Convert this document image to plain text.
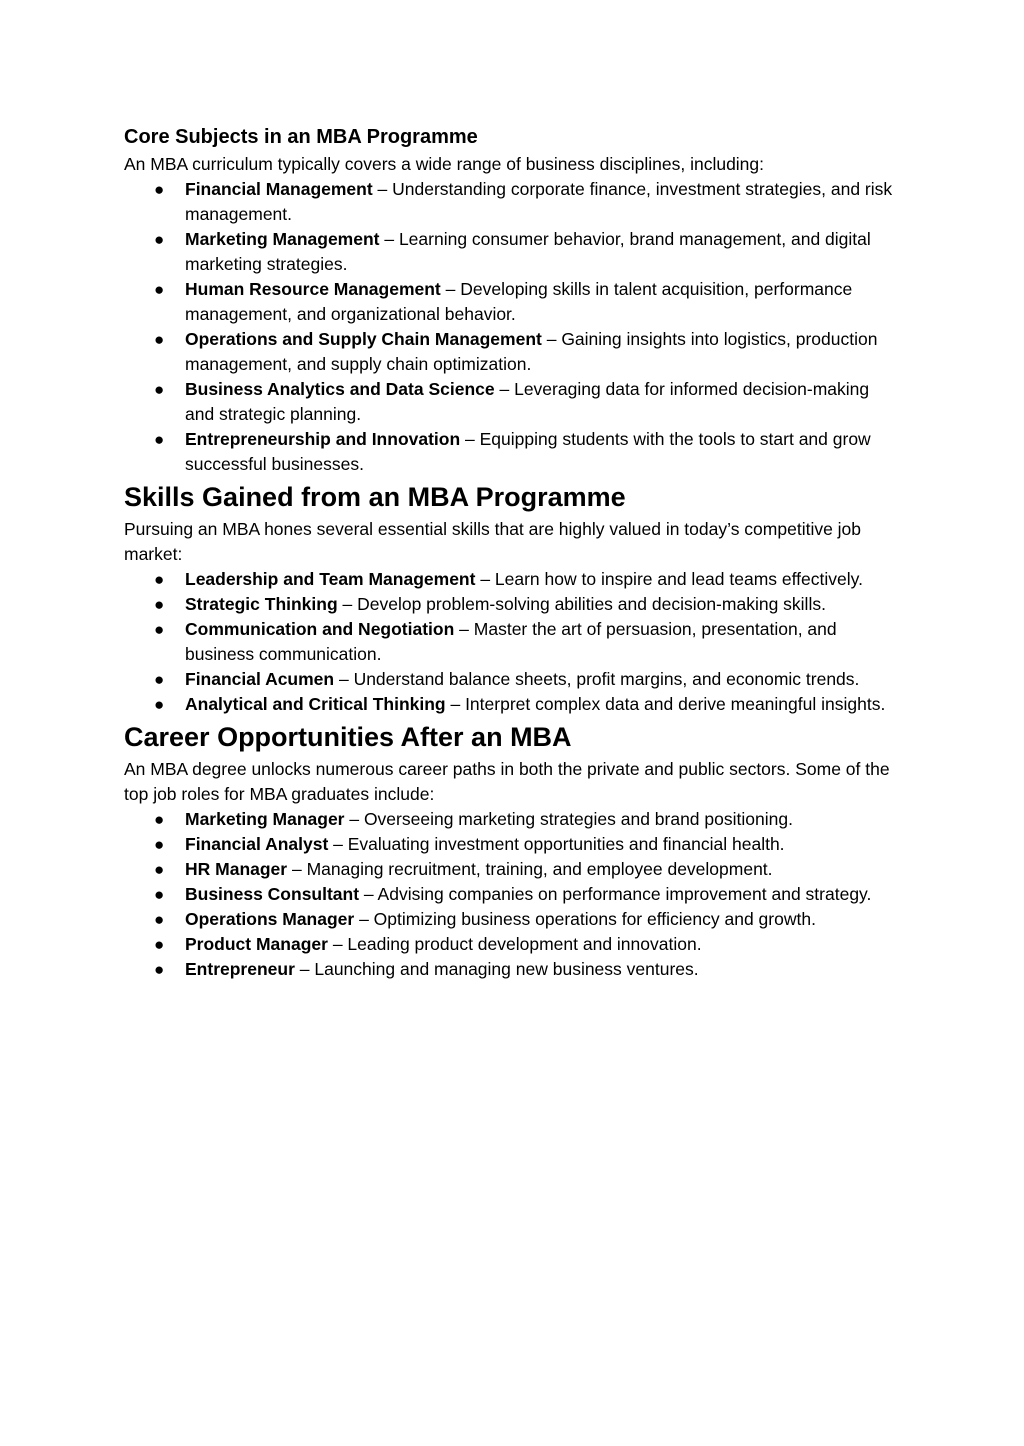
Core Subjects in an MBA Programme

An MBA curriculum typically covers a wide range of business disciplines, including:

● Financial Management – Understanding corporate finance, investment strategies, and risk management.
● Marketing Management – Learning consumer behavior, brand management, and digital marketing strategies.
● Human Resource Management – Developing skills in talent acquisition, performance management, and organizational behavior.
● Operations and Supply Chain Management – Gaining insights into logistics, production management, and supply chain optimization.
● Business Analytics and Data Science – Leveraging data for informed decision-making and strategic planning.
● Entrepreneurship and Innovation – Equipping students with the tools to start and grow successful businesses.
Skills Gained from an MBA Programme

Pursuing an MBA hones several essential skills that are highly valued in today’s competitive job market:

● Leadership and Team Management – Learn how to inspire and lead teams effectively.
● Strategic Thinking – Develop problem-solving abilities and decision-making skills.
● Communication and Negotiation – Master the art of persuasion, presentation, and business communication.
● Financial Acumen – Understand balance sheets, profit margins, and economic trends.
● Analytical and Critical Thinking – Interpret complex data and derive meaningful insights.
Career Opportunities After an MBA

An MBA degree unlocks numerous career paths in both the private and public sectors. Some of the top job roles for MBA graduates include:

● Marketing Manager – Overseeing marketing strategies and brand positioning.
● Financial Analyst – Evaluating investment opportunities and financial health.
● HR Manager – Managing recruitment, training, and employee development.
● Business Consultant – Advising companies on performance improvement and strategy.
● Operations Manager – Optimizing business operations for efficiency and growth.
● Product Manager – Leading product development and innovation.
● Entrepreneur – Launching and managing new business ventures.
